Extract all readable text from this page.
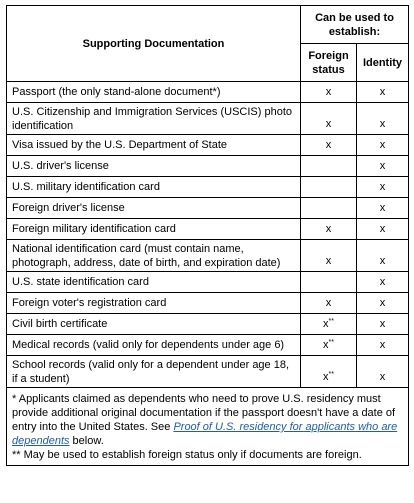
Supporting Documentation	Can be used to establish:	
	Foreign status	Identity
Passport (the only stand-alone document*)	x	x
U.S. Citizenship and Immigration Services (USCIS) photo identification	x	x
Visa issued by the U.S. Department of State	x	x
U.S. driver's license		x
U.S. military identification card		x
Foreign driver's license		x
Foreign military identification card	x	x
National identification card (must contain name, photograph, address, date of birth, and expiration date)	x	x
U.S. state identification card		x
Foreign voter's registration card	x	x
Civil birth certificate	x**	x
Medical records (valid only for dependents under age 6)	x**	x
School records (valid only for a dependent under age 18, if a student)	x**	x

* Applicants claimed as dependents who need to prove U.S. residency must provide additional original documentation if the passport doesn't have a date of entry into the United States. See Proof of U.S. residency for applicants who are dependents below.
** May be used to establish foreign status only if documents are foreign.		
